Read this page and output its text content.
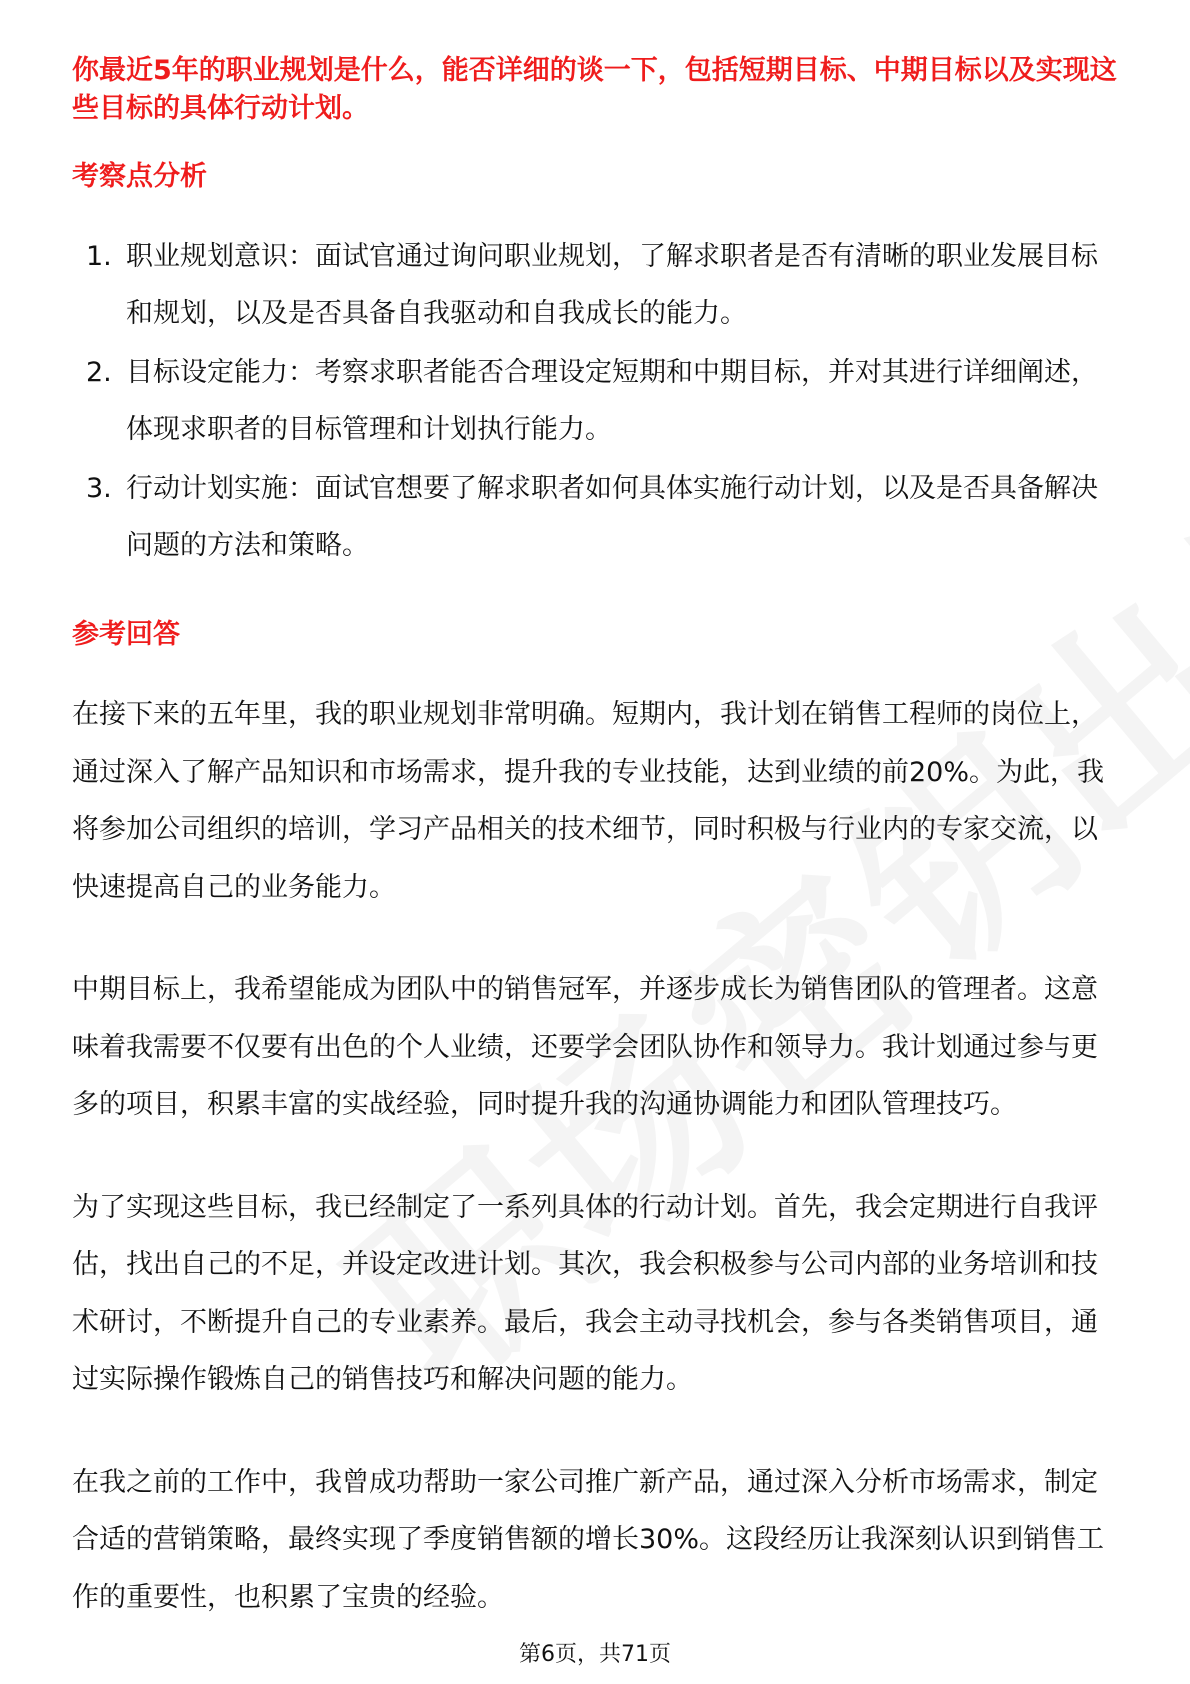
你最近5年的职业规划是什么，能否详细的谈一下，包括短期目标、中期目标以及实现这些目标的具体行动计划。

考察点分析
1. 职业规划意识：面试官通过询问职业规划，了解求职者是否有清晰的职业发展目标和规划，以及是否具备自我驱动和自我成长的能力。
2. 目标设定能力：考察求职者能否合理设定短期和中期目标，并对其进行详细阐述，体现求职者的目标管理和计划执行能力。
3. 行动计划实施：面试官想要了解求职者如何具体实施行动计划，以及是否具备解决问题的方法和策略。
参考回答

在接下来的五年里，我的职业规划非常明确。短期内，我计划在销售工程师的岗位上，通过深入了解产品知识和市场需求，提升我的专业技能，达到业绩的前20%。为此，我将参加公司组织的培训，学习产品相关的技术细节，同时积极与行业内的专家交流，以快速提高自己的业务能力。

中期目标上，我希望能成为团队中的销售冠军，并逐步成长为销售团队的管理者。这意味着我需要不仅要有出色的个人业绩，还要学会团队协作和领导力。我计划通过参与更多的项目，积累丰富的实战经验，同时提升我的沟通协调能力和团队管理技巧。

为了实现这些目标，我已经制定了一系列具体的行动计划。首先，我会定期进行自我评估，找出自己的不足，并设定改进计划。其次，我会积极参与公司内部的业务培训和技术研讨，不断提升自己的专业素养。最后，我会主动寻找机会，参与各类销售项目，通过实际操作锻炼自己的销售技巧和解决问题的能力。

在我之前的工作中，我曾成功帮助一家公司推广新产品，通过深入分析市场需求，制定合适的营销策略，最终实现了季度销售额的增长30%。这段经历让我深刻认识到销售工作的重要性，也积累了宝贵的经验。

第6页，共71页
